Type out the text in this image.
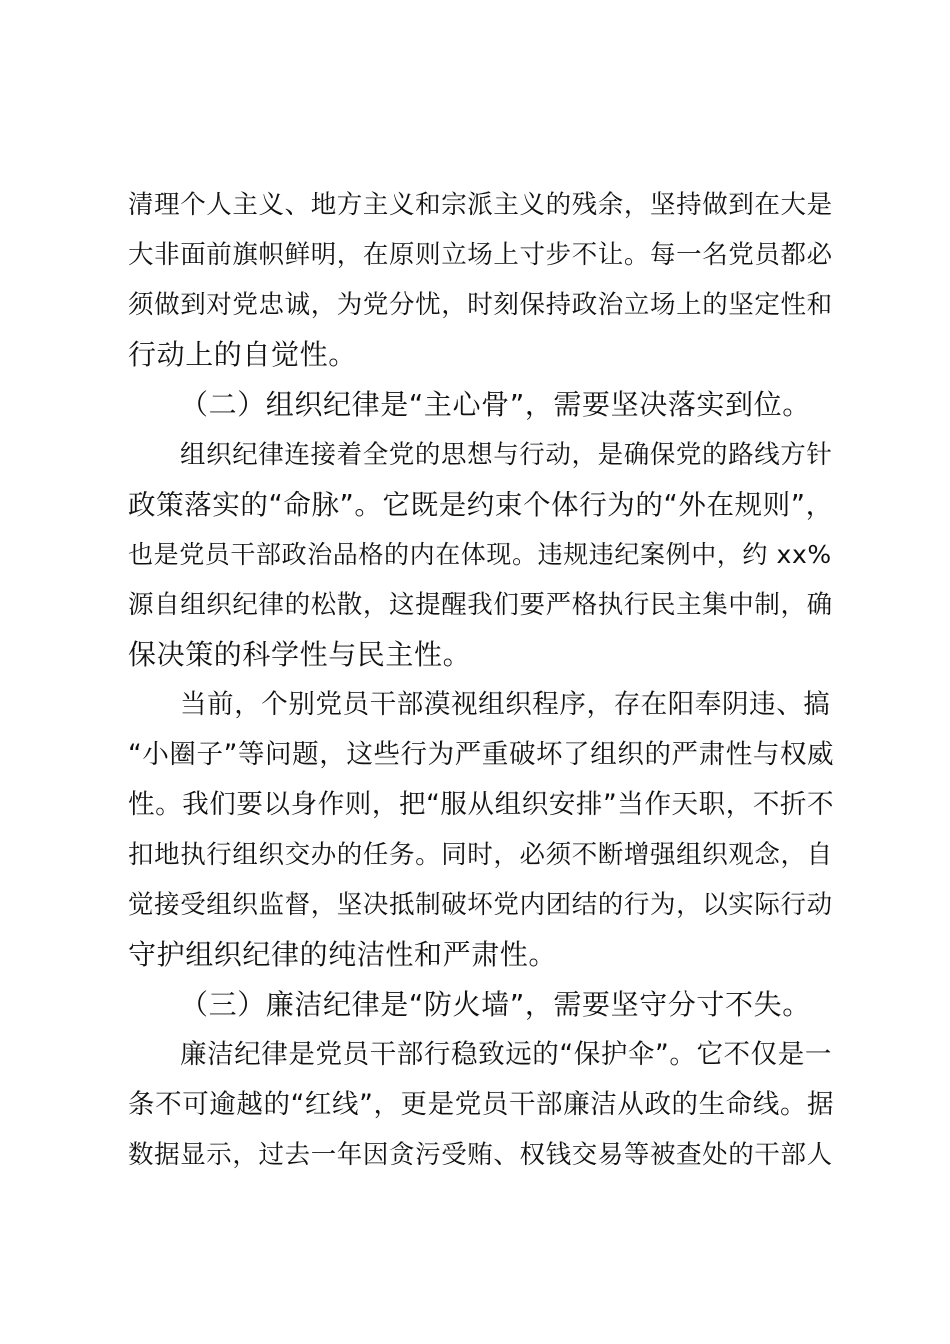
清理个人主义、地方主义和宗派主义的残余，坚持做到在大是
大非面前旗帜鲜明，在原则立场上寸步不让。每一名党员都必
须做到对党忠诚，为党分忧，时刻保持政治立场上的坚定性和
行动上的自觉性。
（二）组织纪律是“主心骨”，需要坚决落实到位。
组织纪律连接着全党的思想与行动，是确保党的路线方针
政策落实的“命脉”。它既是约束个体行为的“外在规则”，
也是党员干部政治品格的内在体现。违规违纪案例中，约 xx%
源自组织纪律的松散，这提醒我们要严格执行民主集中制，确
保决策的科学性与民主性。
当前，个别党员干部漠视组织程序，存在阳奉阴违、搞
“小圈子”等问题，这些行为严重破坏了组织的严肃性与权威
性。我们要以身作则，把“服从组织安排”当作天职，不折不
扣地执行组织交办的任务。同时，必须不断增强组织观念，自
觉接受组织监督，坚决抵制破坏党内团结的行为，以实际行动
守护组织纪律的纯洁性和严肃性。
（三）廉洁纪律是“防火墙”，需要坚守分寸不失。
廉洁纪律是党员干部行稳致远的“保护伞”。它不仅是一
条不可逾越的“红线”，更是党员干部廉洁从政的生命线。据
数据显示，过去一年因贪污受贿、权钱交易等被查处的干部人
